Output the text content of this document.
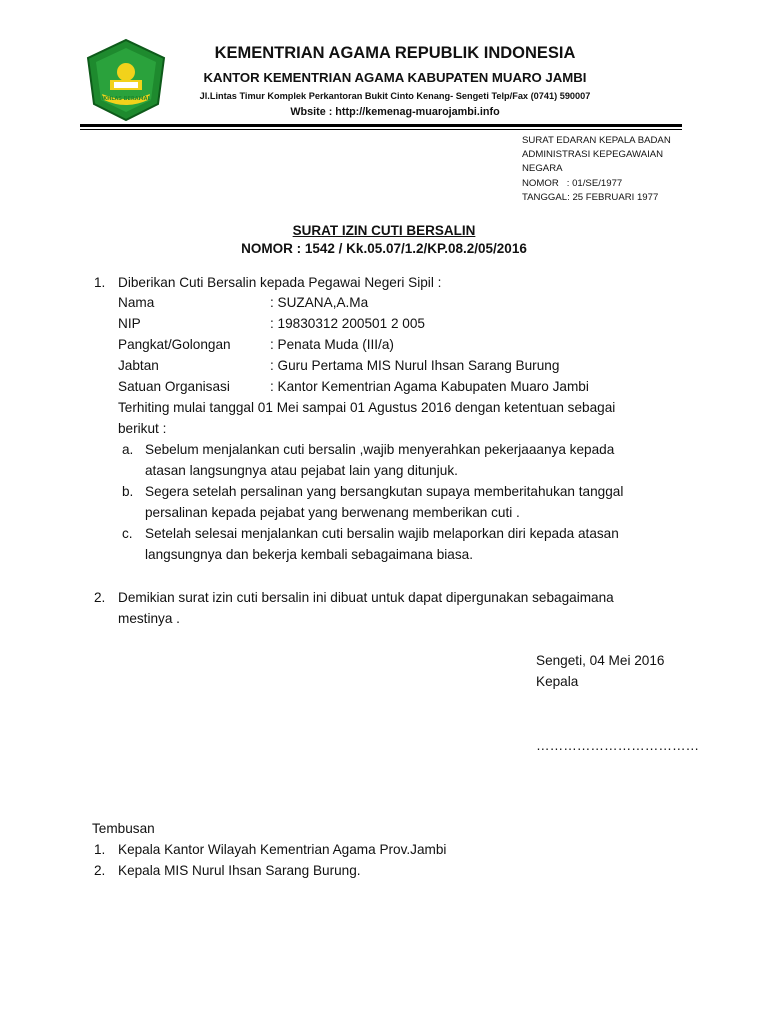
IKHLAS BERAMAL
KEMENTRIAN AGAMA REPUBLIK INDONESIA
KANTOR KEMENTRIAN AGAMA KABUPATEN MUARO JAMBI
Jl.Lintas Timur Komplek Perkantoran Bukit Cinto Kenang- Sengeti Telp/Fax (0741) 590007
Wbsite : http://kemenag-muarojambi.info
SURAT EDARAN KEPALA BADAN
ADMINISTRASI KEPEGAWAIAN
NEGARA
NOMOR   : 01/SE/1977
TANGGAL: 25 FEBRUARI 1977
SURAT IZIN CUTI BERSALIN
NOMOR : 1542 / Kk.05.07/1.2/KP.08.2/05/2016
1. Diberikan Cuti Bersalin kepada Pegawai Negeri Sipil :
Nama	: SUZANA,A.Ma
NIP	: 19830312 200501 2 005
Pangkat/Golongan	: Penata Muda (III/a)
Jabtan	: Guru Pertama MIS Nurul Ihsan Sarang Burung
Satuan Organisasi	: Kantor Kementrian Agama Kabupaten Muaro Jambi
Terhiting mulai tanggal 01 Mei sampai 01 Agustus 2016 dengan ketentuan sebagai
berikut :
a. Sebelum menjalankan cuti bersalin ,wajib menyerahkan pekerjaaanya kepada
atasan langsungnya atau pejabat lain yang ditunjuk.
b. Segera setelah persalinan yang bersangkutan supaya memberitahukan tanggal
persalinan kepada pejabat yang berwenang memberikan cuti .
c. Setelah selesai menjalankan cuti bersalin wajib melaporkan diri kepada atasan
langsungnya dan bekerja kembali sebagaimana biasa.
2. Demikian surat izin cuti bersalin ini dibuat untuk dapat dipergunakan sebagaimana
mestinya .
Sengeti, 04 Mei 2016
Kepala
………………………………
Tembusan
1. Kepala Kantor Wilayah Kementrian Agama Prov.Jambi
2. Kepala MIS Nurul Ihsan Sarang Burung.
